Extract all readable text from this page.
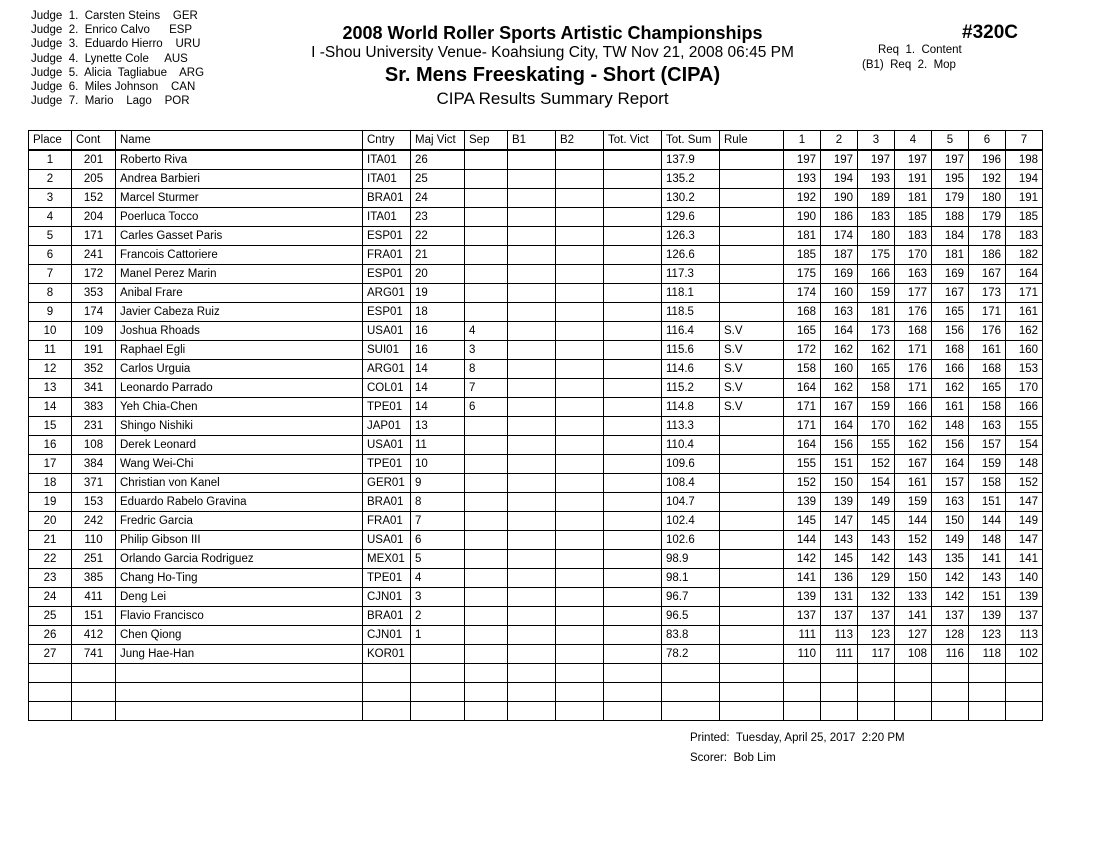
Judge  1.  Carsten Steins    GER
Judge  2.  Enrico Calvo      ESP
Judge  3.  Eduardo Hierro    URU
Judge  4.  Lynette Cole     AUS
Judge  5.  Alicia  Tagliabue    ARG
Judge  6.  Miles Johnson    CAN
Judge  7.  Mario    Lago    POR
2008 World Roller Sports Artistic Championships
I -Shou University Venue- Koahsiung City, TW Nov 21, 2008 06:45 PM
Sr. Mens Freeskating - Short (CIPA)
CIPA Results Summary Report
#320C
Req  1.  Content
(B1)  Req  2.  Mop
Place	Cont	Name	Cntry	Maj Vict	Sep	B1	B2	Tot. Vict	Tot. Sum	Rule	1	2	3	4	5	6	7
1	201	Roberto Riva	ITA01	26					137.9		197	197	197	197	197	196	198
2	205	Andrea Barbieri	ITA01	25					135.2		193	194	193	191	195	192	194
3	152	Marcel Sturmer	BRA01	24					130.2		192	190	189	181	179	180	191
4	204	Poerluca Tocco	ITA01	23					129.6		190	186	183	185	188	179	185
5	171	Carles Gasset Paris	ESP01	22					126.3		181	174	180	183	184	178	183
6	241	Francois Cattoriere	FRA01	21					126.6		185	187	175	170	181	186	182
7	172	Manel Perez Marin	ESP01	20					117.3		175	169	166	163	169	167	164
8	353	Anibal Frare	ARG01	19					118.1		174	160	159	177	167	173	171
9	174	Javier Cabeza Ruiz	ESP01	18					118.5		168	163	181	176	165	171	161
10	109	Joshua Rhoads	USA01	16	4				116.4	S.V	165	164	173	168	156	176	162
11	191	Raphael Egli	SUI01	16	3				115.6	S.V	172	162	162	171	168	161	160
12	352	Carlos Urguia	ARG01	14	8				114.6	S.V	158	160	165	176	166	168	153
13	341	Leonardo Parrado	COL01	14	7				115.2	S.V	164	162	158	171	162	165	170
14	383	Yeh Chia-Chen	TPE01	14	6				114.8	S.V	171	167	159	166	161	158	166
15	231	Shingo Nishiki	JAP01	13					113.3		171	164	170	162	148	163	155
16	108	Derek Leonard	USA01	11					110.4		164	156	155	162	156	157	154
17	384	Wang Wei-Chi	TPE01	10					109.6		155	151	152	167	164	159	148
18	371	Christian von Kanel	GER01	9					108.4		152	150	154	161	157	158	152
19	153	Eduardo Rabelo Gravina	BRA01	8					104.7		139	139	149	159	163	151	147
20	242	Fredric Garcia	FRA01	7					102.4		145	147	145	144	150	144	149
21	110	Philip Gibson III	USA01	6					102.6		144	143	143	152	149	148	147
22	251	Orlando Garcia Rodriguez	MEX01	5					98.9		142	145	142	143	135	141	141
23	385	Chang Ho-Ting	TPE01	4					98.1		141	136	129	150	142	143	140
24	411	Deng Lei	CJN01	3					96.7		139	131	132	133	142	151	139
25	151	Flavio Francisco	BRA01	2					96.5		137	137	137	141	137	139	137
26	412	Chen Qiong	CJN01	1					83.8		111	113	123	127	128	123	113
27	741	Jung Hae-Han	KOR01						78.2		110	111	117	108	116	118	102

Printed:  Tuesday, April 25, 2017  2:20 PM
Scorer:  Bob Lim
